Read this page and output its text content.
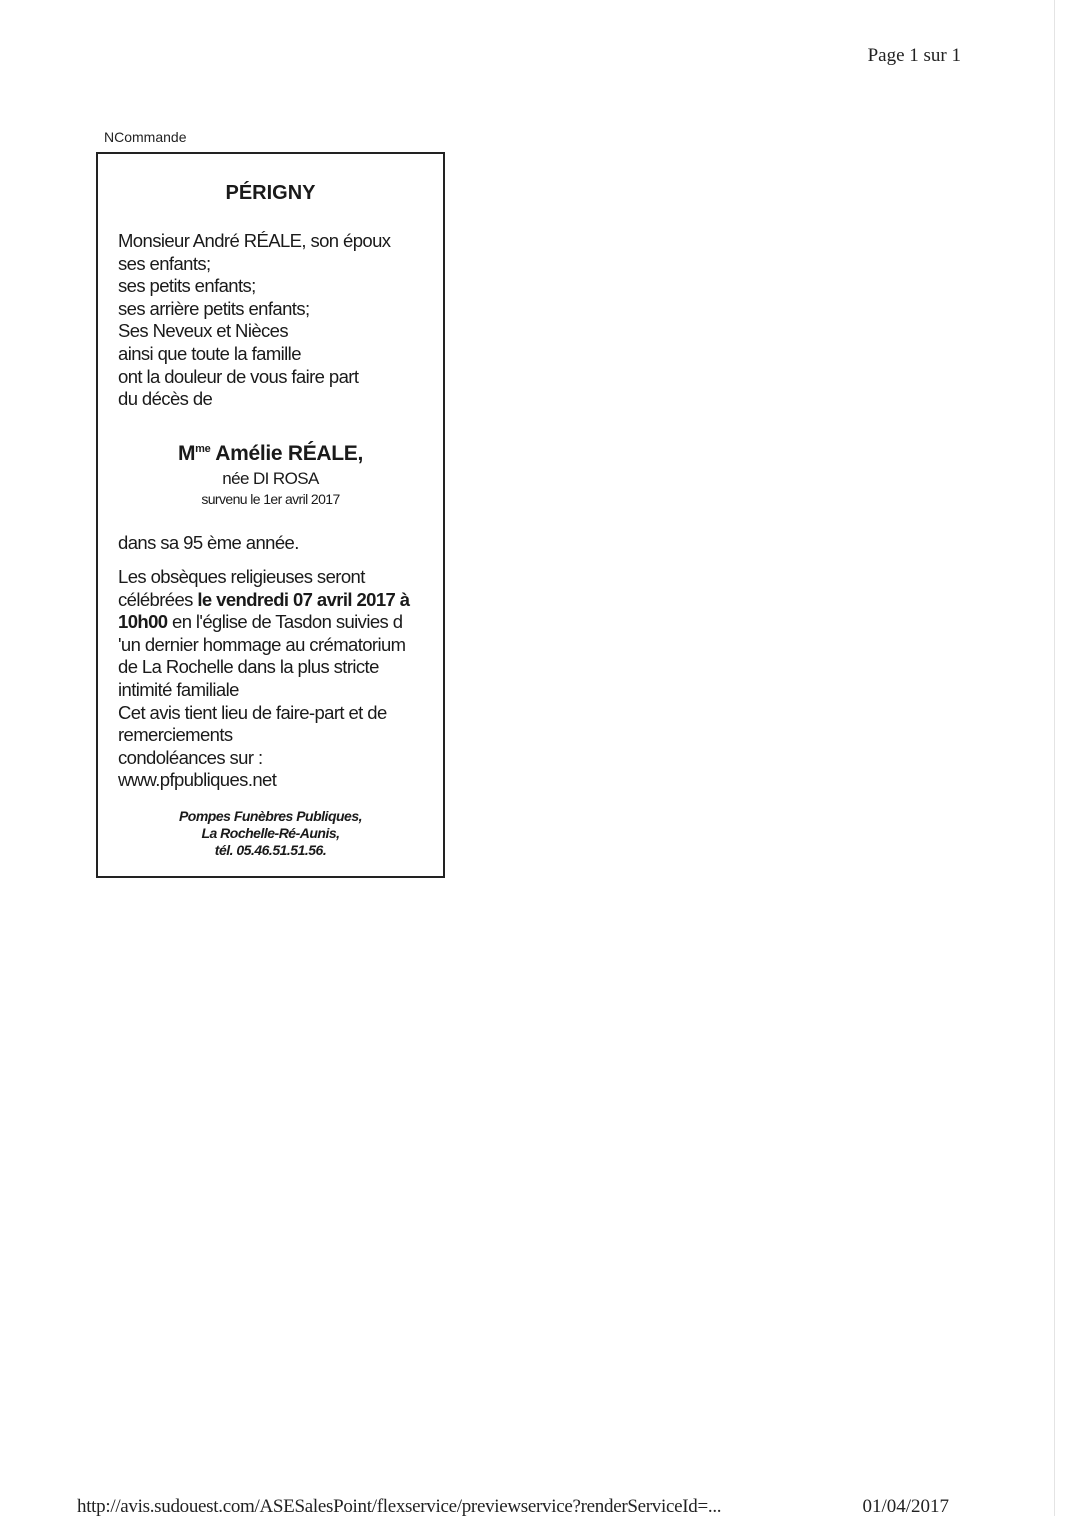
Page 1 sur 1
NCommande
PÉRIGNY
Monsieur André RÉALE, son époux
ses enfants;
ses petits enfants;
ses arrière petits enfants;
Ses Neveux et Nièces
ainsi que toute la famille
ont la douleur de vous faire part
du décès de
$M^{me}$ Amélie RÉALE,
née DI ROSA
survenu le 1er avril 2017
dans sa 95 ème année.
Les obsèques religieuses seront
célébrées le vendredi 07 avril 2017 à
10h00 en l'église de Tasdon suivies d
'un dernier hommage au crématorium
de La Rochelle dans la plus stricte
intimité familiale
Cet avis tient lieu de faire-part et de
remerciements
condoléances sur :
www.pfpubliques.net
Pompes Funèbres Publiques,
La Rochelle-Ré-Aunis,
tél. 05.46.51.51.56.
http://avis.sudouest.com/ASESalesPoint/flexservice/previewservice?renderServiceId=...	01/04/2017
